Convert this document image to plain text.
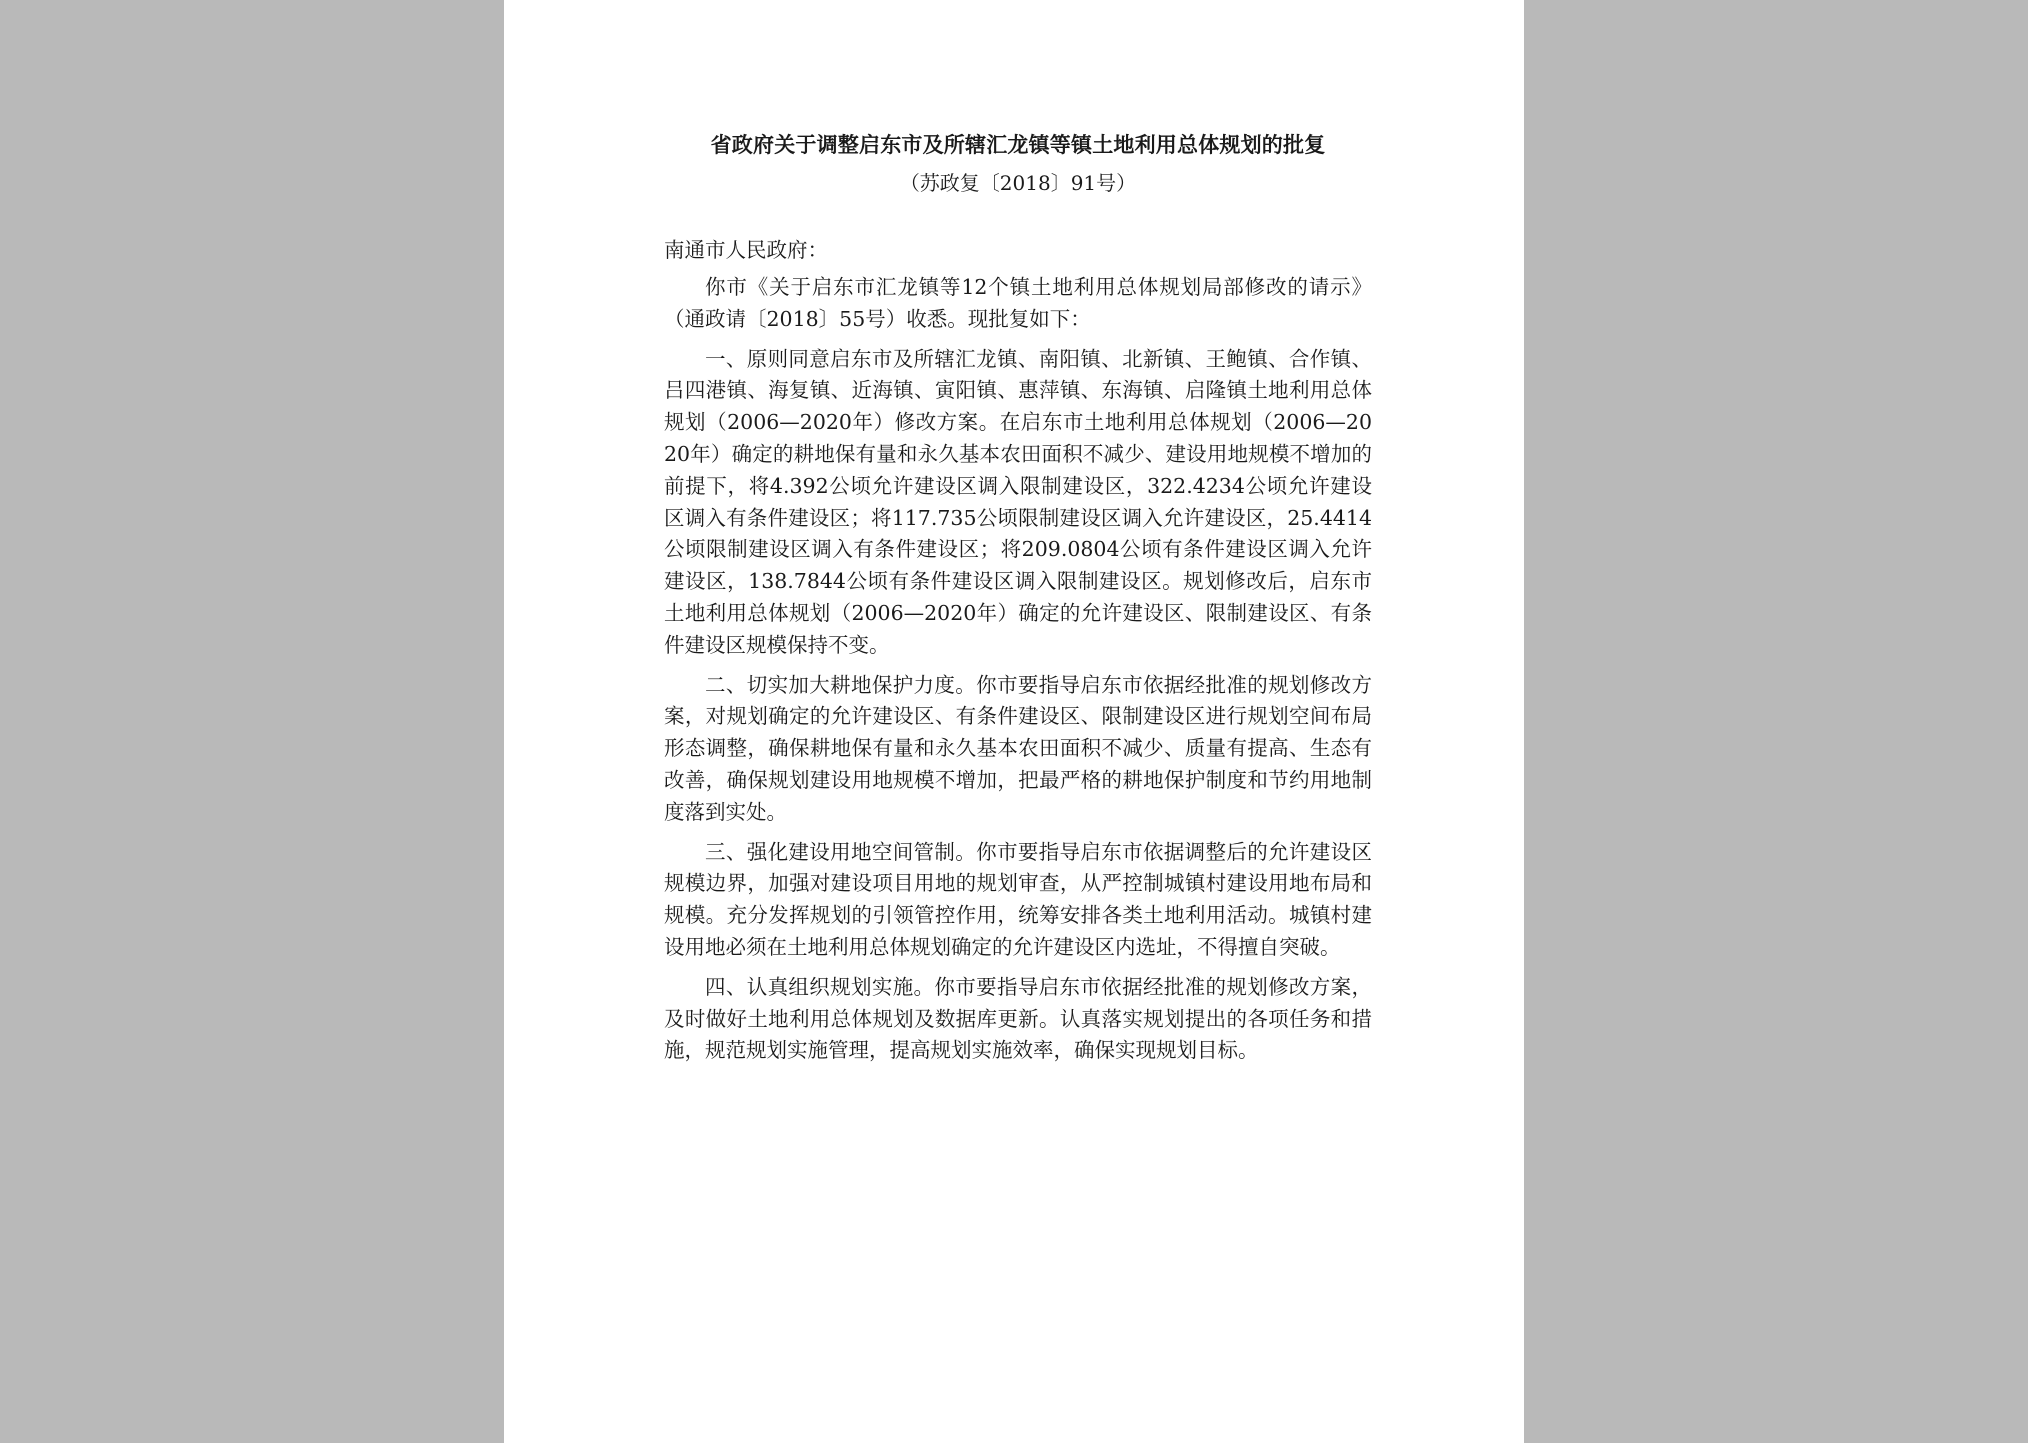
省政府关于调整启东市及所辖汇龙镇等镇土地利用总体规划的批复

（苏政复〔2018〕91号）

南通市人民政府：

你市《关于启东市汇龙镇等12个镇土地利用总体规划局部修改的请示》（通政请〔2018〕55号）收悉。现批复如下：

一、原则同意启东市及所辖汇龙镇、南阳镇、北新镇、王鲍镇、合作镇、吕四港镇、海复镇、近海镇、寅阳镇、惠萍镇、东海镇、启隆镇土地利用总体规划（2006—2020年）修改方案。在启东市土地利用总体规划（2006—2020年）确定的耕地保有量和永久基本农田面积不减少、建设用地规模不增加的前提下，将4.392公顷允许建设区调入限制建设区，322.4234公顷允许建设区调入有条件建设区；将117.735公顷限制建设区调入允许建设区，25.4414公顷限制建设区调入有条件建设区；将209.0804公顷有条件建设区调入允许建设区，138.7844公顷有条件建设区调入限制建设区。规划修改后，启东市土地利用总体规划（2006—2020年）确定的允许建设区、限制建设区、有条件建设区规模保持不变。

二、切实加大耕地保护力度。你市要指导启东市依据经批准的规划修改方案，对规划确定的允许建设区、有条件建设区、限制建设区进行规划空间布局形态调整，确保耕地保有量和永久基本农田面积不减少、质量有提高、生态有改善，确保规划建设用地规模不增加，把最严格的耕地保护制度和节约用地制度落到实处。

三、强化建设用地空间管制。你市要指导启东市依据调整后的允许建设区规模边界，加强对建设项目用地的规划审查，从严控制城镇村建设用地布局和规模。充分发挥规划的引领管控作用，统筹安排各类土地利用活动。城镇村建设用地必须在土地利用总体规划确定的允许建设区内选址，不得擅自突破。

四、认真组织规划实施。你市要指导启东市依据经批准的规划修改方案，及时做好土地利用总体规划及数据库更新。认真落实规划提出的各项任务和措施，规范规划实施管理，提高规划实施效率，确保实现规划目标。
